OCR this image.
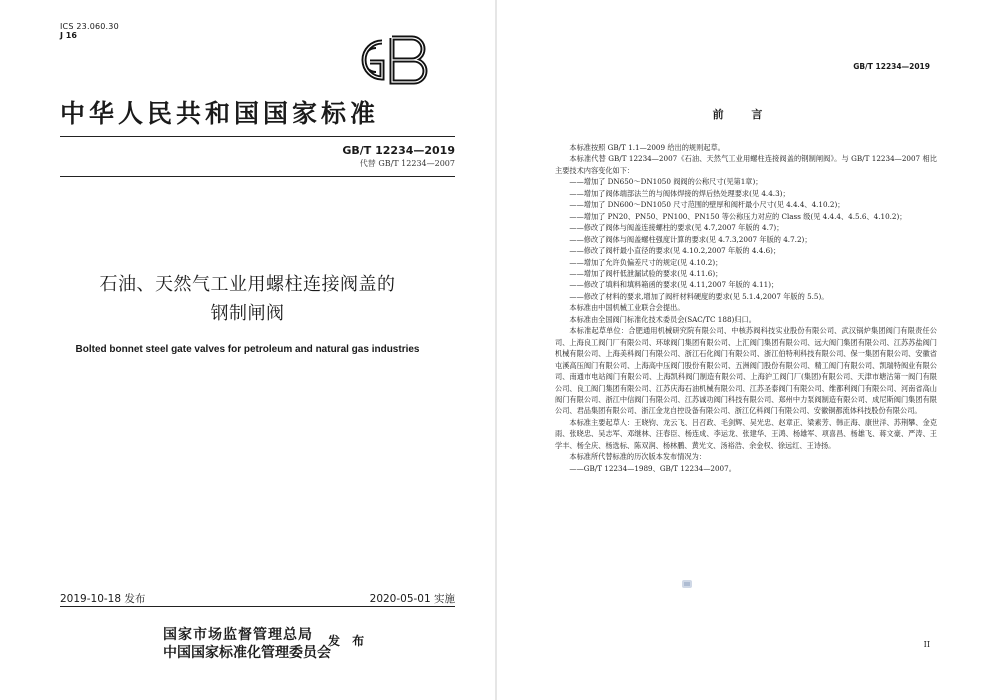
ICS 23.060.30
J 16
中华人民共和国国家标准
GB/T 12234—2019
代替 GB/T 12234—2007
石油、天然气工业用螺柱连接阀盖的
钢制闸阀
Bolted bonnet steel gate valves for petroleum and natural gas industries
2019-10-18 发布	2020-05-01 实施
国家市场监督管理总局
中国国家标准化管理委员会
发 布
GB/T 12234—2019
前 言

本标准按照 GB/T 1.1—2009 给出的规则起草。

本标准代替 GB/T 12234—2007《石油、天然气工业用螺柱连接阀盖的钢制闸阀》。与 GB/T 12234—2007 相比主要技术内容变化如下：

——增加了 DN650～DN1050 阀阀的公称尺寸(见第1章)；

——增加了阀体端部法兰的与阀体焊接的焊后热处理要求(见 4.4.3)；

——增加了 DN600～DN1050 尺寸范围的壁厚和阀杆最小尺寸(见 4.4.4、4.10.2)；

——增加了 PN20、PN50、PN100、PN150 等公称压力对应的 Class 级(见 4.4.4、4.5.6、4.10.2)；

——修改了阀体与阀盖连接螺柱的要求(见 4.7,2007 年版的 4.7)；

——修改了阀体与阀盖螺柱强度计算的要求(见 4.7.3,2007 年版的 4.7.2)；

——修改了阀杆最小直径的要求(见 4.10.2,2007 年版的 4.4.6)；

——增加了允许负偏差尺寸的规定(见 4.10.2)；

——增加了阀杆低泄漏试验的要求(见 4.11.6)；

——修改了填料和填料箱函的要求(见 4.11,2007 年版的 4.11)；

——修改了材料的要求,增加了阀杆材料硬度的要求(见 5.1.4,2007 年版的 5.5)。

本标准由中国机械工业联合会提出。

本标准由全国阀门标准化技术委员会(SAC/TC 188)归口。

本标准起草单位：合肥通用机械研究院有限公司、中核苏阀科技实业股份有限公司、武汉锅炉集团阀门有限责任公司、上海良工阀门厂有限公司、环球阀门集团有限公司、上汇阀门集团有限公司、远大阀门集团有限公司、江苏苏盐阀门机械有限公司、上海美科阀门有限公司、浙江石化阀门有限公司、浙江伯特利科技有限公司、保一集团有限公司、安徽省屯溪高压阀门有限公司、上海高中压阀门股份有限公司、五洲阀门股份有限公司、精工阀门有限公司、凯瑞特阀业有限公司、南通市电站阀门有限公司、上海凯科阀门制造有限公司、上海沪工阀门厂(集团)有限公司、天津市塘沽第一阀门有限公司、良工阀门集团有限公司、江苏庆海石油机械有限公司、江苏圣泰阀门有限公司、维都利阀门有限公司、河南省高山阀门有限公司、浙江中信阀门有限公司、江苏诚功阀门科技有限公司、郑州中力泵阀制造有限公司、成尼斯阀门集团有限公司、君品集团有限公司、浙江金龙自控设备有限公司、浙江亿科阀门有限公司、安徽铜都流体科技股份有限公司。

本标准主要起草人：王晓钧、龙云飞、吕召政、毛剑辉、吴光忠、赵章正、梁素芳、韩正海、康世洋、苏荆攀、金克雨、张晓忠、吴志军、邓继林、汪春臣、杨连成、李运龙、张建华、王鸿、杨雄军、项喜昌、杨雄飞、蒋文豪、严涛、王学丰、杨全庆、杨选标、陈双润、杨林鹏、黄光文、汤裕浩、余金权、徐远红、王诗扬。

本标准所代替标准的历次版本发布情况为：

——GB/T 12234—1989、GB/T 12234—2007。

II
